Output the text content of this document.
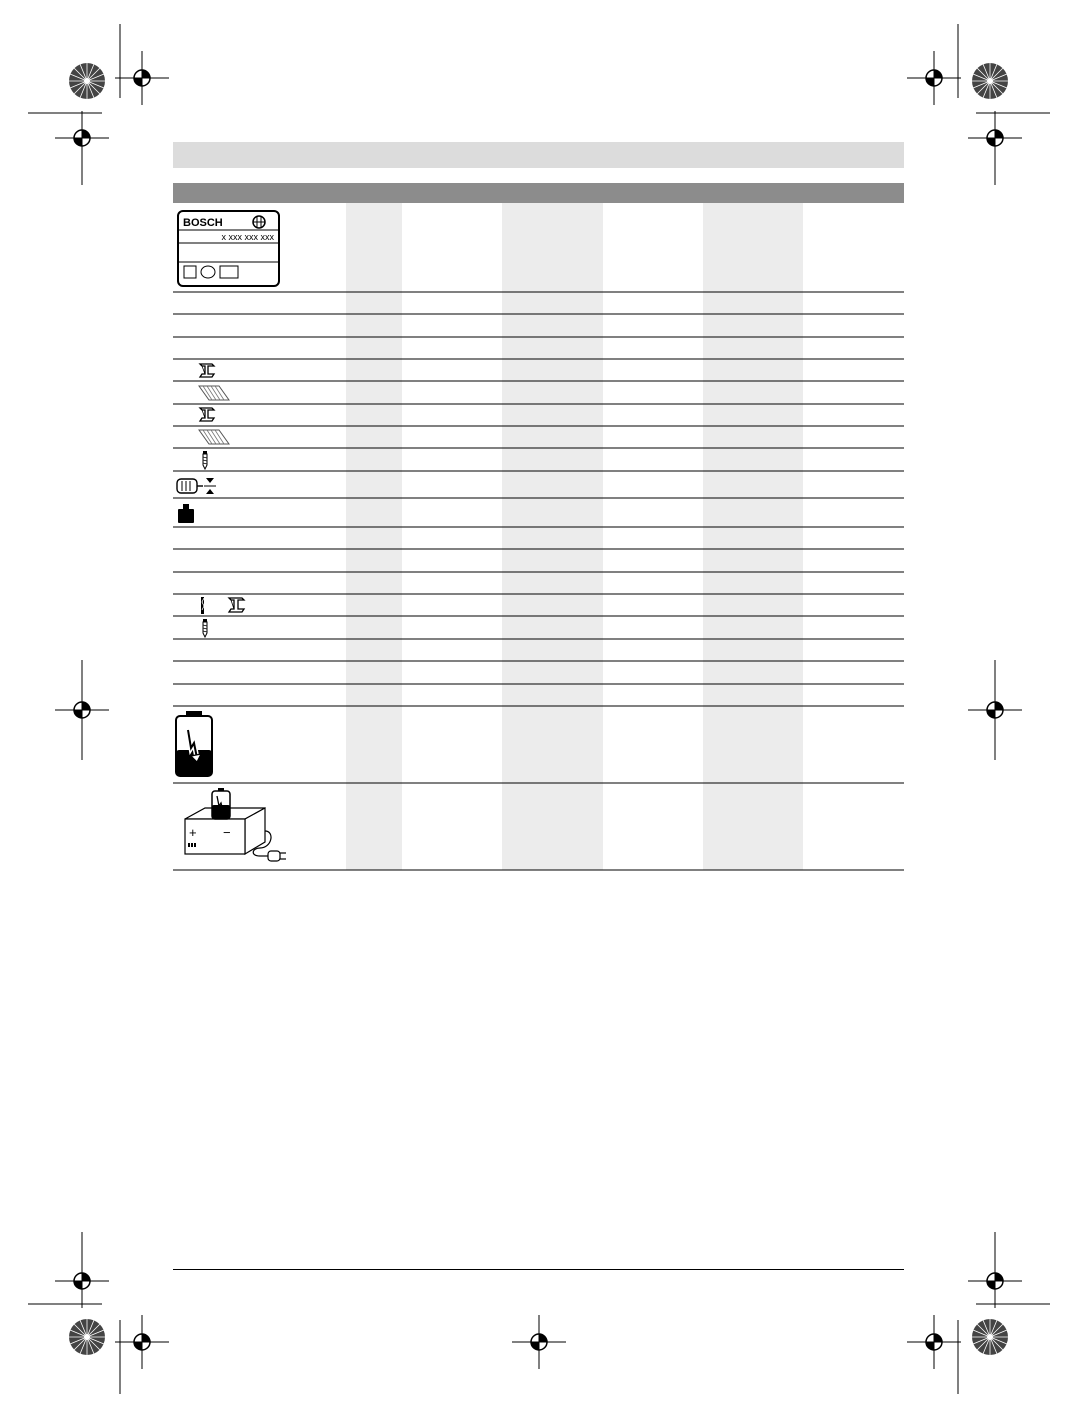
BOSCH
x xxx xxx xxx
+ −
